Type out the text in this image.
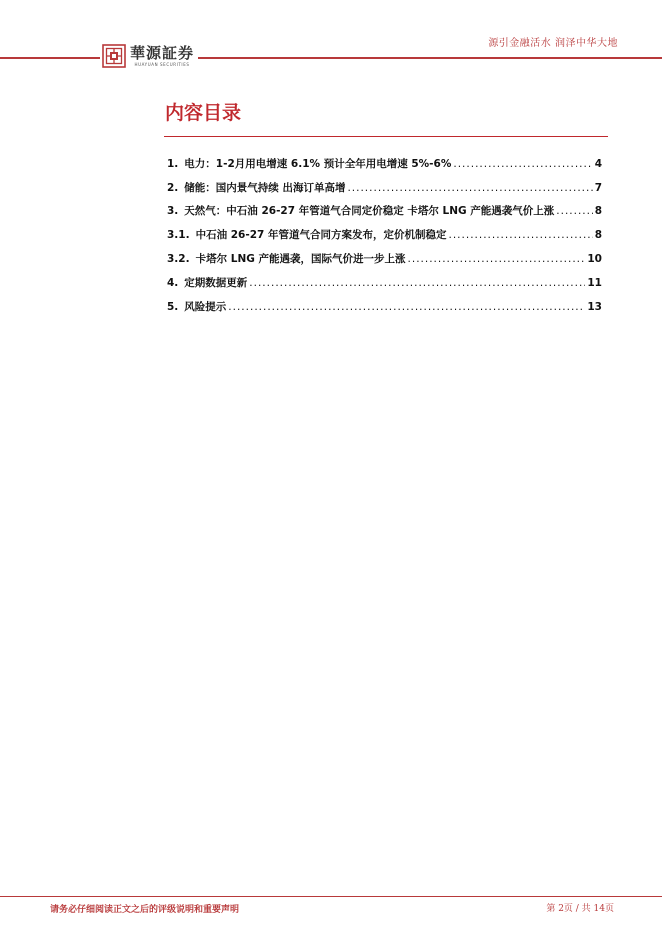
源引金融活水 润泽中华大地
華源証券
HUAYUAN SECURITIES
内容目录
1. 电力：1-2月用电增速 6.1% 预计全年用电增速 5%-6% .....	4
2. 储能：国内景气持续 出海订单高增 .....	7
3. 天然气：中石油 26-27 年管道气合同定价稳定 卡塔尔 LNG 产能遇袭气价上涨 .....	8
3.1. 中石油 26-27 年管道气合同方案发布，定价机制稳定 .....	8
3.2. 卡塔尔 LNG 产能遇袭，国际气价进一步上涨 .....	10
4. 定期数据更新 .....	11
5. 风险提示 .....	13
请务必仔细阅读正文之后的评级说明和重要声明	第 2页 / 共 14页
